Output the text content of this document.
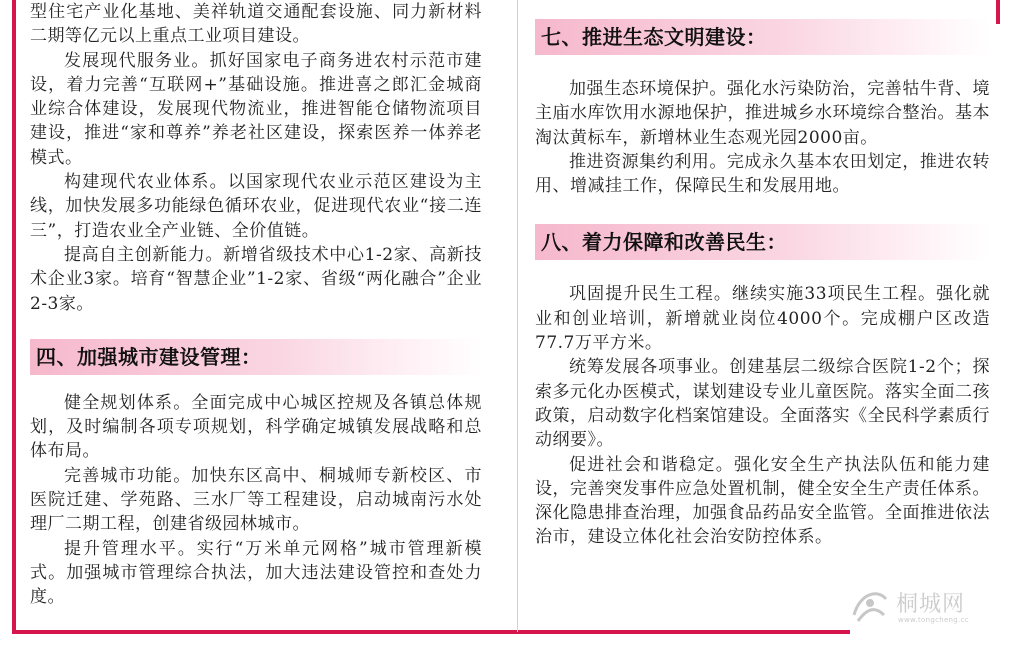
型住宅产业化基地、美祥轨道交通配套设施、同力新材料二期等亿元以上重点工业项目建设。

发展现代服务业。抓好国家电子商务进农村示范市建设，着力完善“互联网+”基础设施。推进喜之郎汇金城商业综合体建设，发展现代物流业，推进智能仓储物流项目建设，推进“家和尊养”养老社区建设，探索医养一体养老模式。

构建现代农业体系。以国家现代农业示范区建设为主线，加快发展多功能绿色循环农业，促进现代农业“接二连三”，打造农业全产业链、全价值链。

提高自主创新能力。新增省级技术中心1-2家、高新技术企业3家。培育“智慧企业”1-2家、省级“两化融合”企业2-3家。

四、加强城市建设管理：

健全规划体系。全面完成中心城区控规及各镇总体规划，及时编制各项专项规划，科学确定城镇发展战略和总体布局。

完善城市功能。加快东区高中、桐城师专新校区、市医院迁建、学苑路、三水厂等工程建设，启动城南污水处理厂二期工程，创建省级园林城市。

提升管理水平。实行“万米单元网格”城市管理新模式。加强城市管理综合执法，加大违法建设管控和查处力度。

七、推进生态文明建设：

加强生态环境保护。强化水污染防治，完善牯牛背、境主庙水库饮用水源地保护，推进城乡水环境综合整治。基本淘汰黄标车，新增林业生态观光园2000亩。

推进资源集约利用。完成永久基本农田划定，推进农转用、增减挂工作，保障民生和发展用地。

八、着力保障和改善民生：

巩固提升民生工程。继续实施33项民生工程。强化就业和创业培训，新增就业岗位4000个。完成棚户区改造77.7万平方米。

统筹发展各项事业。创建基层二级综合医院1-2个；探索多元化办医模式，谋划建设专业儿童医院。落实全面二孩政策，启动数字化档案馆建设。全面落实《全民科学素质行动纲要》。

促进社会和谐稳定。强化安全生产执法队伍和能力建设，完善突发事件应急处置机制，健全安全生产责任体系。深化隐患排查治理，加强食品药品安全监管。全面推进依法治市，建设立体化社会治安防控体系。

桐城网
www.tongcheng.cc
